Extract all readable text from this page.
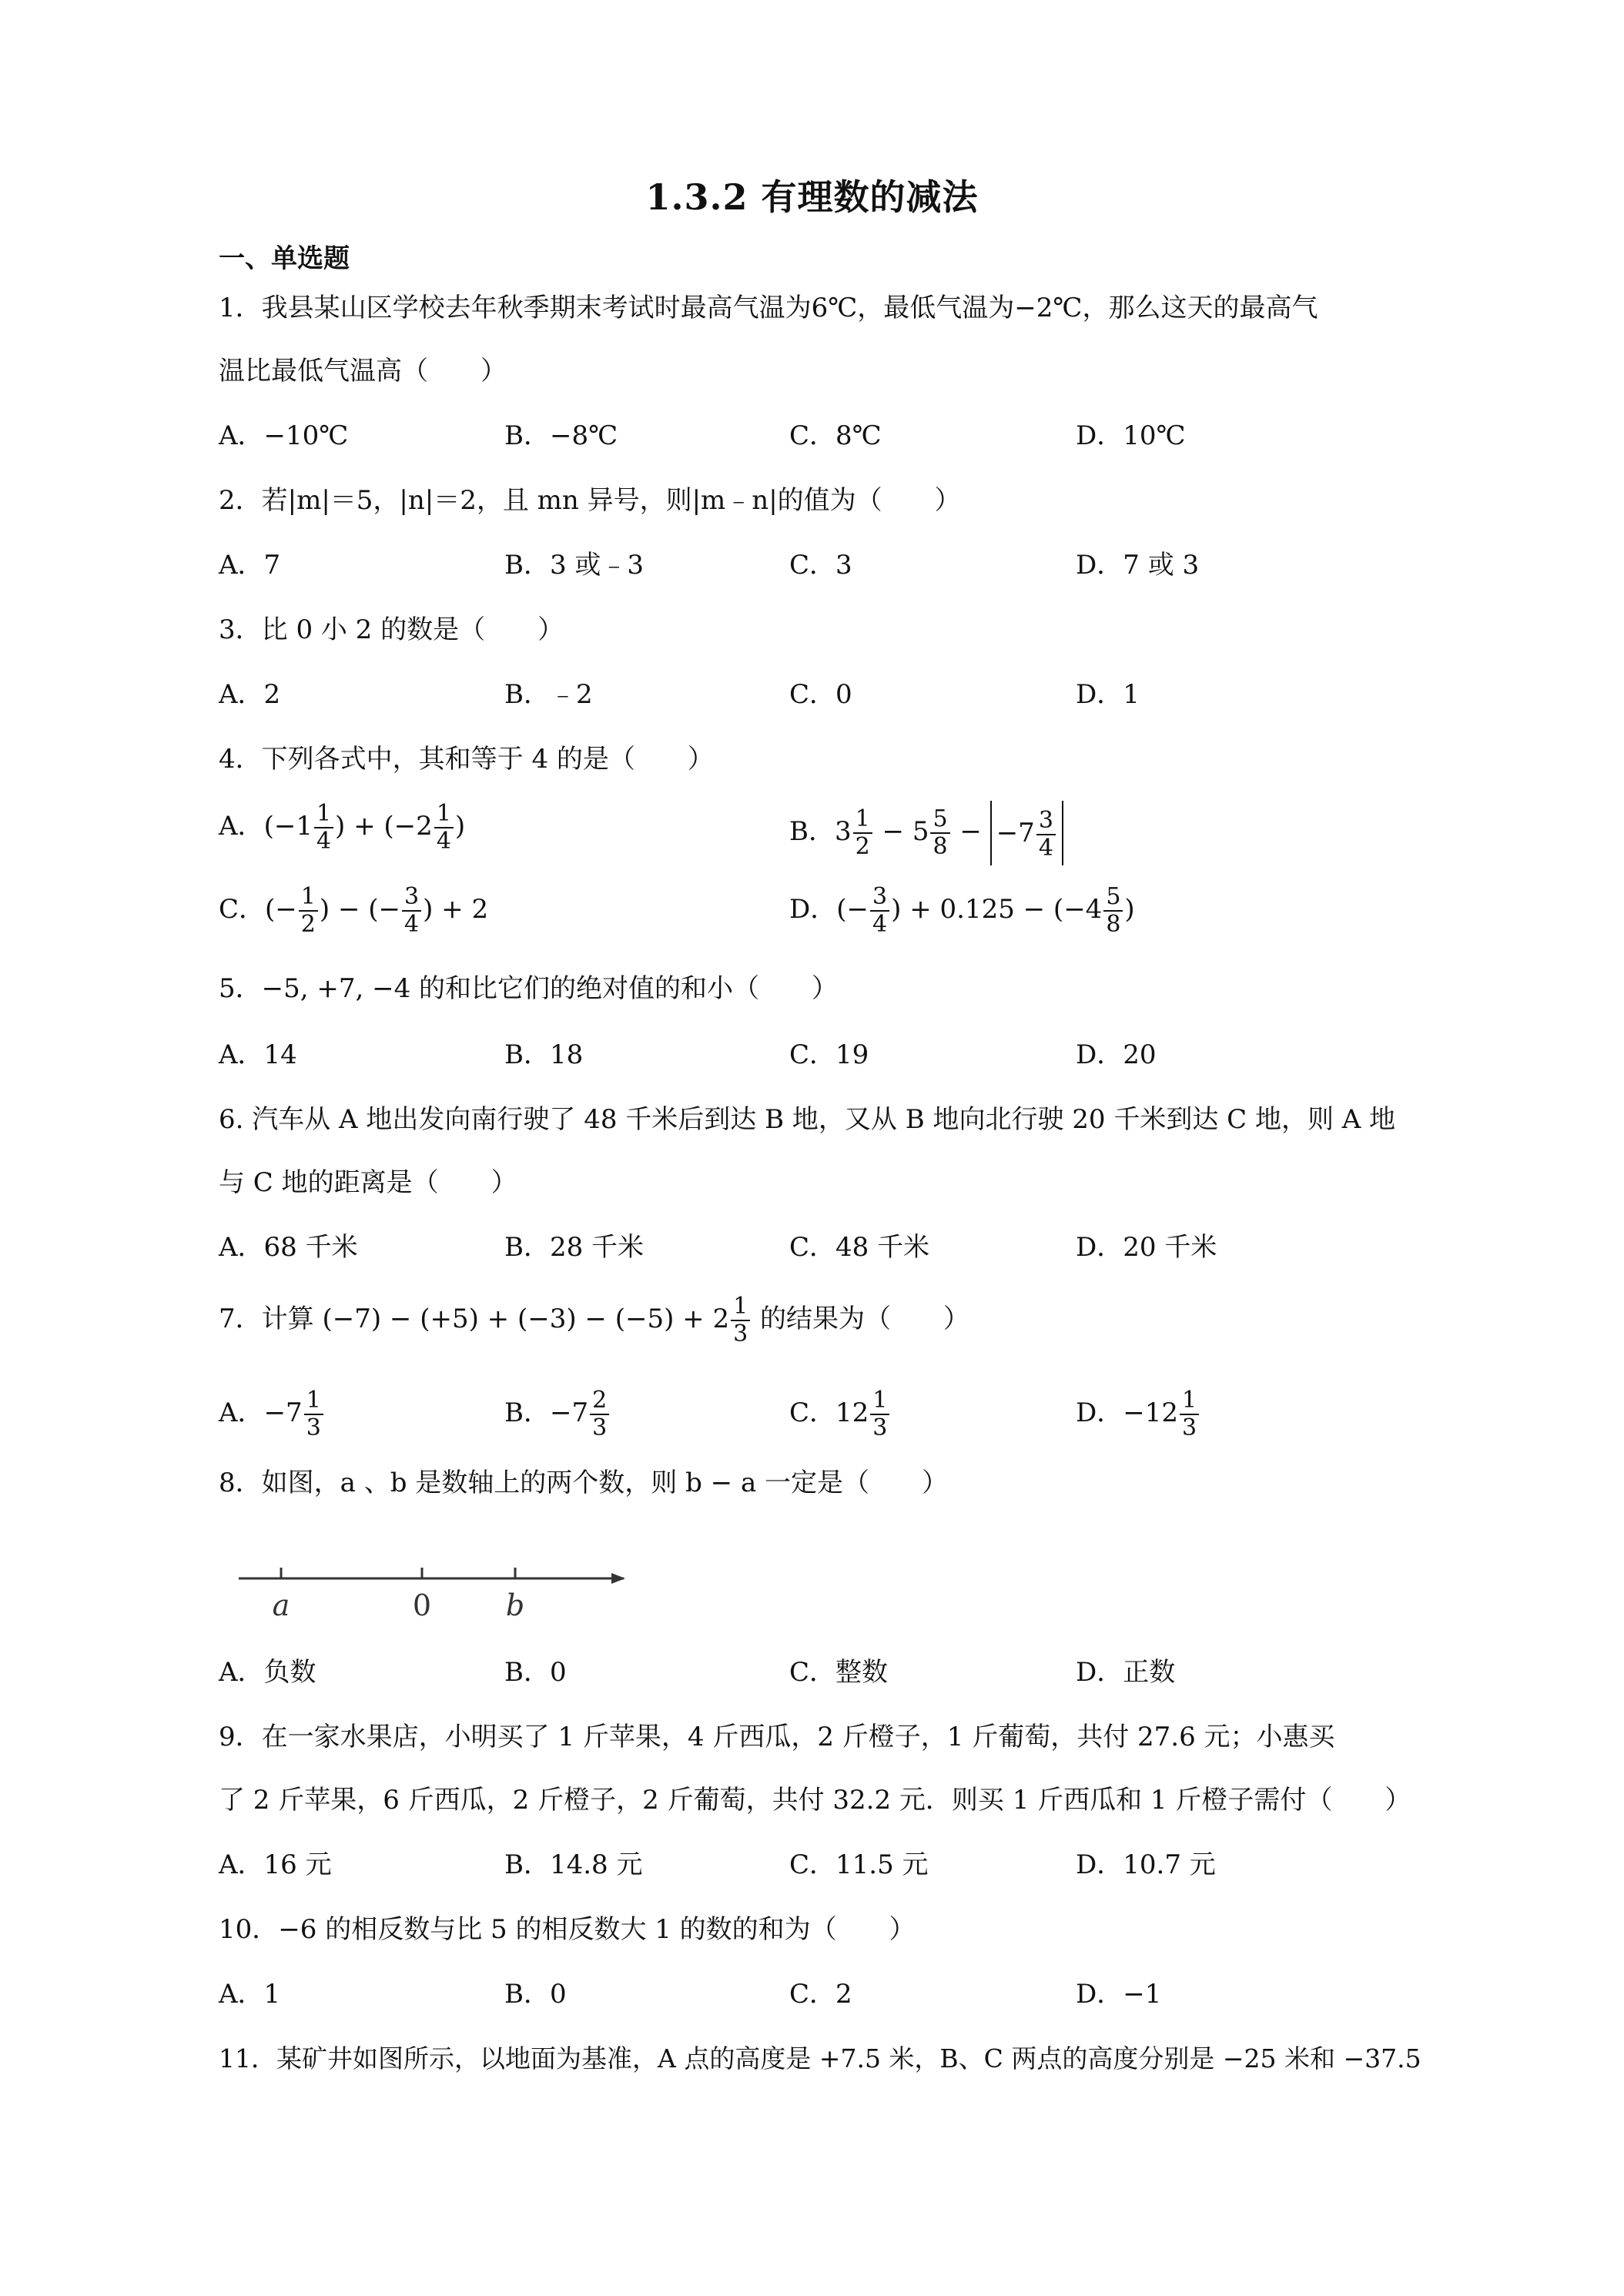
1.3.2 有理数的减法
一、单选题
1．我县某山区学校去年秋季期末考试时最高气温为6℃，最低气温为−2℃，那么这天的最高气
温比最低气温高（　　）
A．−10℃	B．−8℃	C．8℃	D．10℃
2．若|m|＝5，|n|＝2，且 mn 异号，则|m﹣n|的值为（　　）
A．7	B．3 或﹣3	C．3	D．7 或 3
3．比 0 小 2 的数是（　　）
A．2	B．﹣2	C．0	D．1
4．下列各式中，其和等于 4 的是（　　）
A．($-1 \frac{1}{4}$ ) + ($-2 \frac{1}{4}$ )	B．$3 \frac{1}{2} - 5 \frac{5}{8} - -7 \frac{3}{4}$
C．(− $\frac{1}{2}$ ) − (− $\frac{3}{4}$ ) + 2	D．(− $\frac{3}{4}$ ) + $0.125 - (-4 \frac{5}{8}$ )
5．−5, +7, −4 的和比它们的绝对值的和小（　　）
A．14	B．18	C．19	D．20
6. 汽车从 A 地出发向南行驶了 48 千米后到达 B 地，又从 B 地向北行驶 20 千米到达 C 地，则 A 地
与 C 地的距离是（　　）
A．68 千米	B．28 千米	C．48 千米	D．20 千米
7．计算 $(-7) - (+5) + (-3) - (-5) + 2 \frac{1}{3}$ 的结果为（　　）
A．$-7 \frac{1}{3}$	B．$-7 \frac{2}{3}$	C．$12 \frac{1}{3}$	D．$-12 \frac{1}{3}$
8．如图，a 、b 是数轴上的两个数，则 b − a 一定是（　　）
a	0	b
A．负数	B．0	C．整数	D．正数
9．在一家水果店，小明买了 1 斤苹果，4 斤西瓜，2 斤橙子，1 斤葡萄，共付 27.6 元；小惠买
了 2 斤苹果，6 斤西瓜，2 斤橙子，2 斤葡萄，共付 32.2 元．则买 1 斤西瓜和 1 斤橙子需付（　　）
A．16 元	B．14.8 元	C．11.5 元	D．10.7 元
10．−6 的相反数与比 5 的相反数大 1 的数的和为（　　）
A．1	B．0	C．2	D．−1
11．某矿井如图所示，以地面为基准，A 点的高度是 +7.5 米，B、C 两点的高度分别是 −25 米和 −37.5
